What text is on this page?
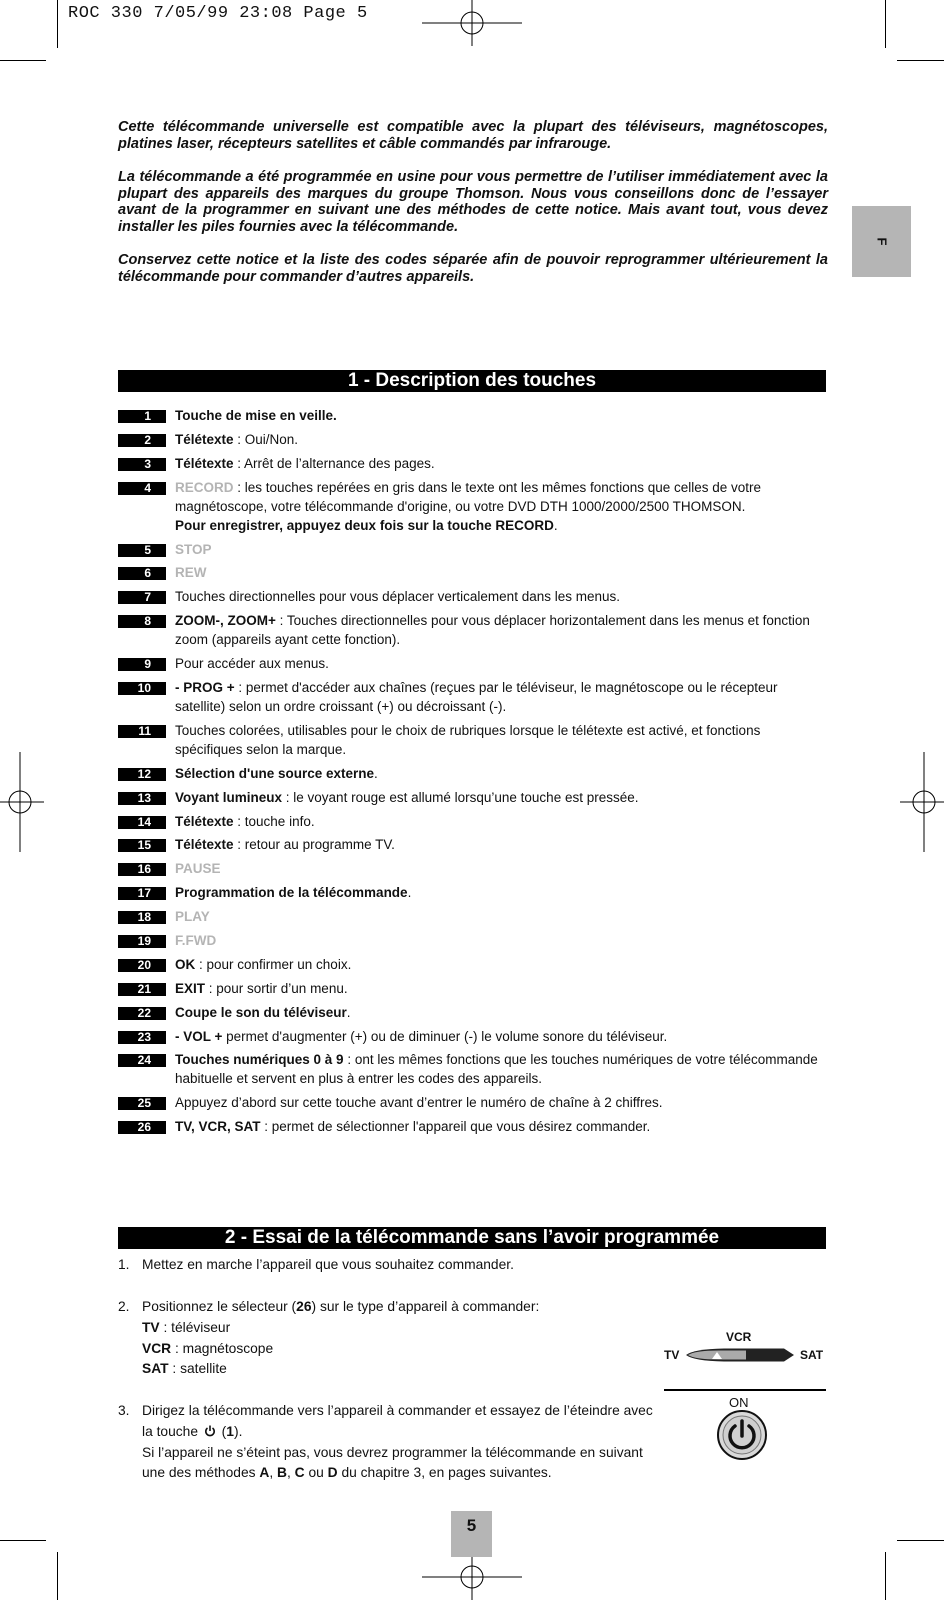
ROC 330 7/05/99 23:08 Page 5
F

Cette télécommande universelle est compatible avec la plupart des téléviseurs, magnétoscopes, platines laser, récepteurs satellites et câble commandés par infrarouge.

La télécommande a été programmée en usine pour vous permettre de l’utiliser immédiatement avec la plupart des appareils des marques du groupe Thomson. Nous vous conseillons donc de l’essayer avant de la programmer en suivant une des méthodes de cette notice. Mais avant tout, vous devez installer les piles fournies avec la télécommande.

Conservez cette notice et la liste des codes séparée afin de pouvoir reprogrammer ultérieurement la télécommande pour commander d’autres appareils.

1 - Description des touches
1	Touche de mise en veille.
2	Télétexte : Oui/Non.
3	Télétexte : Arrêt de l’alternance des pages.
4	RECORD : les touches repérées en gris dans le texte ont les mêmes fonctions que celles de votre magnétoscope, votre télécommande d'origine, ou votre DVD DTH 1000/2000/2500 THOMSON.
Pour enregistrer, appuyez deux fois sur la touche RECORD.
5	STOP
6	REW
7	Touches directionnelles pour vous déplacer verticalement dans les menus.
8	ZOOM-, ZOOM+ : Touches directionnelles pour vous déplacer horizontalement dans les menus et fonction zoom (appareils ayant cette fonction).
9	Pour accéder aux menus.
10	- PROG + : permet d'accéder aux chaînes (reçues par le téléviseur, le magnétoscope ou le récepteur satellite) selon un ordre croissant (+) ou décroissant (-).
11	Touches colorées, utilisables pour le choix de rubriques lorsque le télétexte est activé, et fonctions spécifiques selon la marque.
12	Sélection d'une source externe.
13	Voyant lumineux : le voyant rouge est allumé lorsqu’une touche est pressée.
14	Télétexte : touche info.
15	Télétexte : retour au programme TV.
16	PAUSE
17	Programmation de la télécommande.
18	PLAY
19	F.FWD
20	OK : pour confirmer un choix.
21	EXIT : pour sortir d’un menu.
22	Coupe le son du téléviseur.
23	- VOL + permet d'augmenter (+) ou de diminuer (-) le volume sonore du téléviseur.
24	Touches numériques 0 à 9 : ont les mêmes fonctions que les touches numériques de votre télécommande habituelle et servent en plus à entrer les codes des appareils.
25	Appuyez d’abord sur cette touche avant d’entrer le numéro de chaîne à 2 chiffres.
26	TV, VCR, SAT : permet de sélectionner l'appareil que vous désirez commander.
2 - Essai de la télécommande sans l’avoir programmée
1. Mettez en marche l’appareil que vous souhaitez commander.
2. Positionnez le sélecteur (26) sur le type d’appareil à commander:
TV : téléviseur
VCR : magnétoscope
SAT : satellite
3. Dirigez la télécommande vers l’appareil à commander et essayez de l’éteindre avec la touche  (1).
Si l’appareil ne s’éteint pas, vous devrez programmer la télécommande en suivant une des méthodes A, B, C ou D du chapitre 3, en pages suivantes.
VCR
TV	SAT
ON
5
